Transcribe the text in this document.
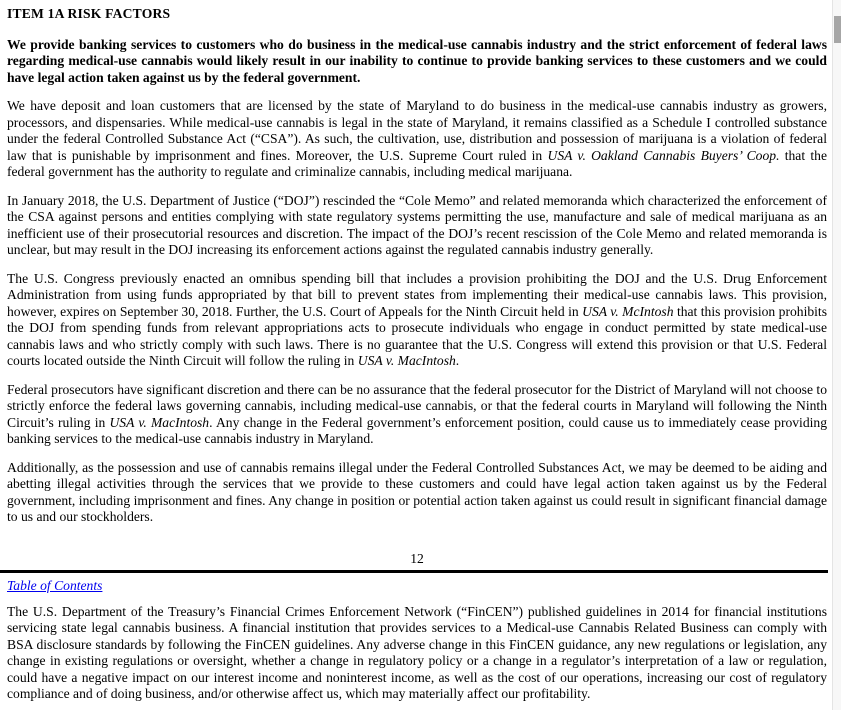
ITEM 1A RISK FACTORS

We provide banking services to customers who do business in the medical-use cannabis industry and the strict enforcement of federal laws regarding medical-use cannabis would likely result in our inability to continue to provide banking services to these customers and we could have legal action taken against us by the federal government.

We have deposit and loan customers that are licensed by the state of Maryland to do business in the medical-use cannabis industry as growers, processors, and dispensaries. While medical-use cannabis is legal in the state of Maryland, it remains classified as a Schedule I controlled substance under the federal Controlled Substance Act (“CSA”). As such, the cultivation, use, distribution and possession of marijuana is a violation of federal law that is punishable by imprisonment and fines. Moreover, the U.S. Supreme Court ruled in USA v. Oakland Cannabis Buyers’ Coop. that the federal government has the authority to regulate and criminalize cannabis, including medical marijuana.

In January 2018, the U.S. Department of Justice (“DOJ”) rescinded the “Cole Memo” and related memoranda which characterized the enforcement of the CSA against persons and entities complying with state regulatory systems permitting the use, manufacture and sale of medical marijuana as an inefficient use of their prosecutorial resources and discretion. The impact of the DOJ’s recent rescission of the Cole Memo and related memoranda is unclear, but may result in the DOJ increasing its enforcement actions against the regulated cannabis industry generally.

The U.S. Congress previously enacted an omnibus spending bill that includes a provision prohibiting the DOJ and the U.S. Drug Enforcement Administration from using funds appropriated by that bill to prevent states from implementing their medical-use cannabis laws. This provision, however, expires on September 30, 2018. Further, the U.S. Court of Appeals for the Ninth Circuit held in USA v. McIntosh that this provision prohibits the DOJ from spending funds from relevant appropriations acts to prosecute individuals who engage in conduct permitted by state medical-use cannabis laws and who strictly comply with such laws. There is no guarantee that the U.S. Congress will extend this provision or that U.S. Federal courts located outside the Ninth Circuit will follow the ruling in USA v. MacIntosh.

Federal prosecutors have significant discretion and there can be no assurance that the federal prosecutor for the District of Maryland will not choose to strictly enforce the federal laws governing cannabis, including medical-use cannabis, or that the federal courts in Maryland will following the Ninth Circuit’s ruling in USA v. MacIntosh. Any change in the Federal government’s enforcement position, could cause us to immediately cease providing banking services to the medical-use cannabis industry in Maryland.

Additionally, as the possession and use of cannabis remains illegal under the Federal Controlled Substances Act, we may be deemed to be aiding and abetting illegal activities through the services that we provide to these customers and could have legal action taken against us by the Federal government, including imprisonment and fines. Any change in position or potential action taken against us could result in significant financial damage to us and our stockholders.

12
Table of Contents

The U.S. Department of the Treasury’s Financial Crimes Enforcement Network (“FinCEN”) published guidelines in 2014 for financial institutions servicing state legal cannabis business. A financial institution that provides services to a Medical-use Cannabis Related Business can comply with BSA disclosure standards by following the FinCEN guidelines. Any adverse change in this FinCEN guidance, any new regulations or legislation, any change in existing regulations or oversight, whether a change in regulatory policy or a change in a regulator’s interpretation of a law or regulation, could have a negative impact on our interest income and noninterest income, as well as the cost of our operations, increasing our cost of regulatory compliance and of doing business, and/or otherwise affect us, which may materially affect our profitability.
